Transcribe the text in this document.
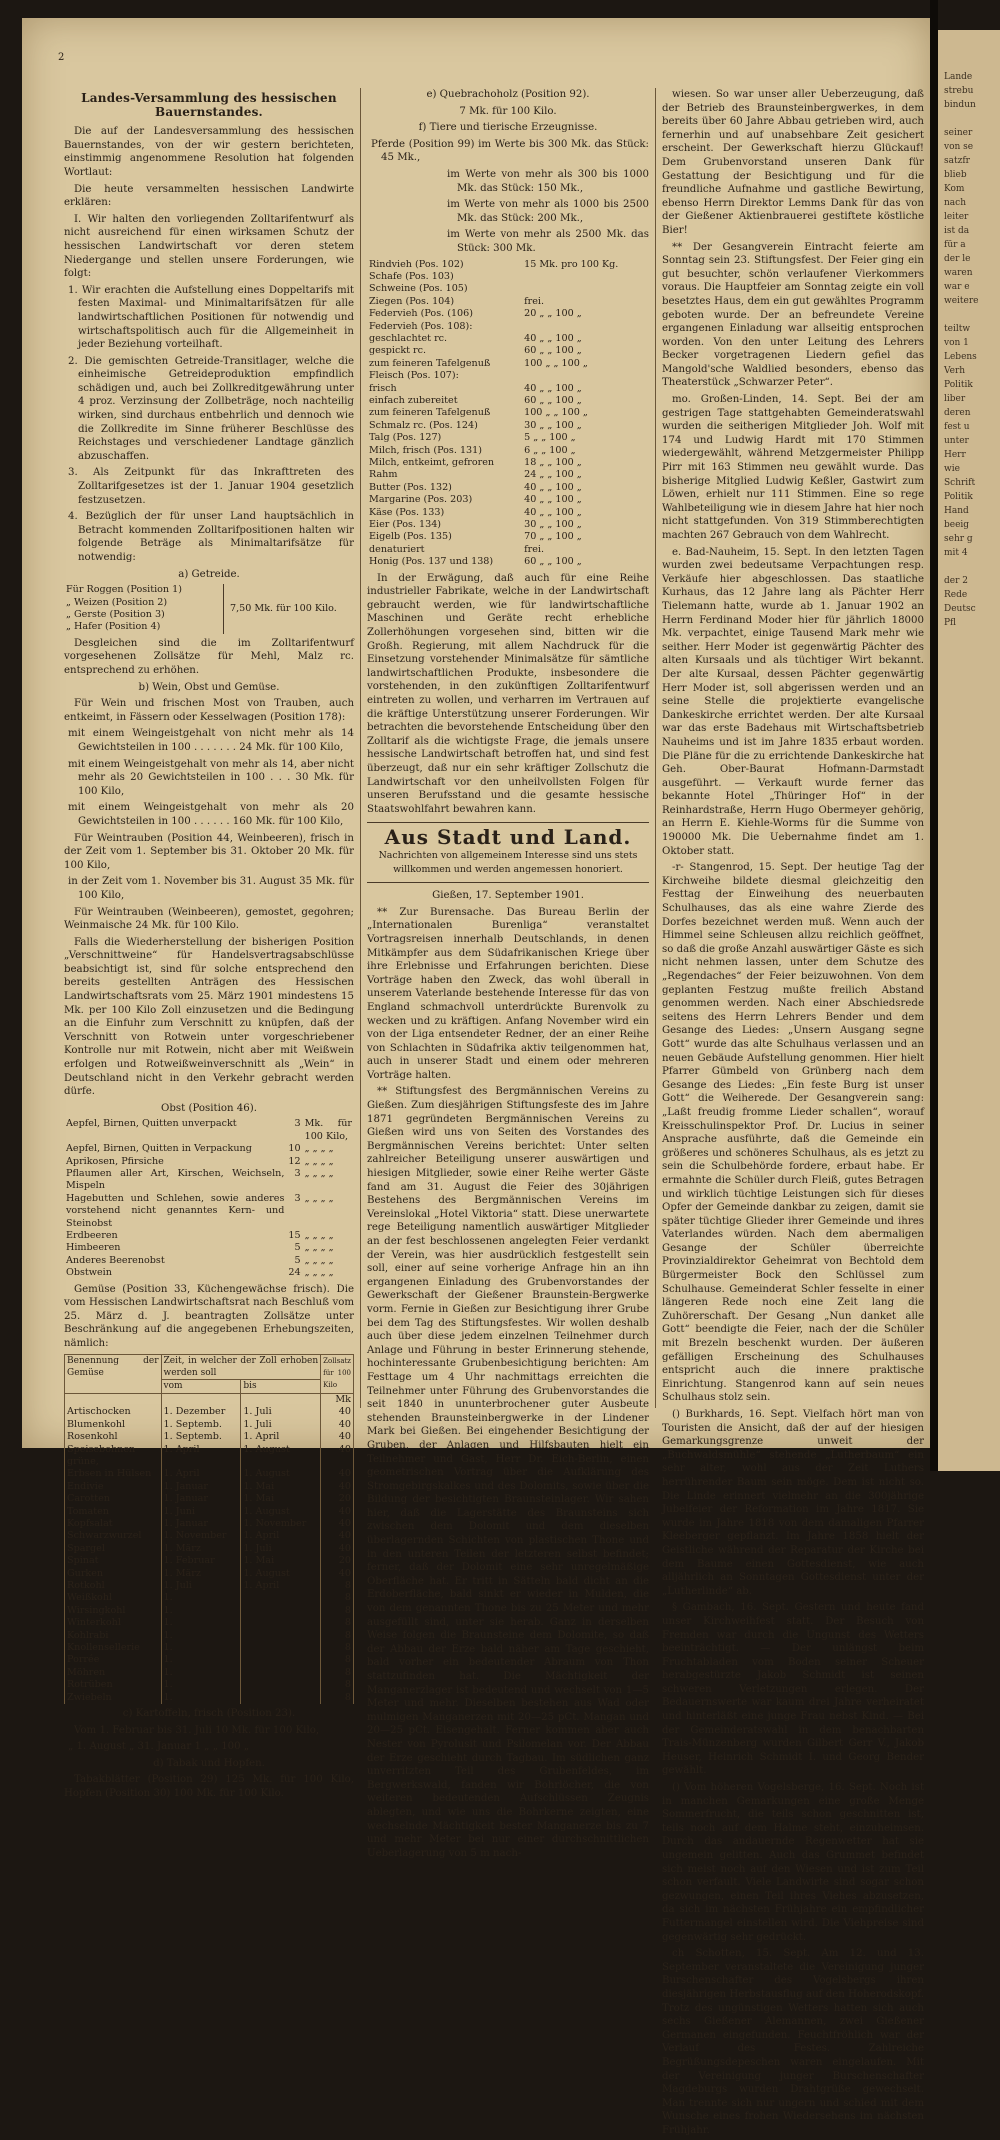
Lande
strebu
bindun

seiner
von se
satzfr
blieb
Kom
nach
leiter
ist da
für a
der le
waren
war e
weitere

teiltw
von 1
Lebens
Verh
Politik
liber
deren
fest u
unter
Herr
wie
Schrift
Politik
Hand
beeig
sehr g
mit 4

der 2
Rede
Deutsc
Pfl
2
Landes-Versammlung des hessischen Bauernstandes.

Die auf der Landesversammlung des hessischen Bauernstandes, von der wir gestern berichteten, einstimmig angenommene Resolution hat folgenden Wortlaut:

Die heute versammelten hessischen Landwirte erklären:

I. Wir halten den vorliegenden Zolltarifentwurf als nicht ausreichend für einen wirksamen Schutz der hessischen Landwirtschaft vor deren stetem Niedergange und stellen unsere Forderungen, wie folgt:

1. Wir erachten die Aufstellung eines Doppeltarifs mit festen Maximal- und Minimaltarifsätzen für alle landwirtschaftlichen Positionen für notwendig und wirtschaftspolitisch auch für die Allgemeinheit in jeder Beziehung vorteilhaft.

2. Die gemischten Getreide-Transitlager, welche die einheimische Getreideproduktion empfindlich schädigen und, auch bei Zollkreditgewährung unter 4 proz. Verzinsung der Zollbeträge, noch nachteilig wirken, sind durchaus entbehrlich und dennoch wie die Zollkredite im Sinne früherer Beschlüsse des Reichstages und verschiedener Landtage gänzlich abzuschaffen.

3. Als Zeitpunkt für das Inkrafttreten des Zolltarifgesetzes ist der 1. Januar 1904 gesetzlich festzusetzen.

4. Bezüglich der für unser Land hauptsächlich in Betracht kommenden Zolltarifpositionen halten wir folgende Beträge als Minimaltarifsätze für notwendig:

a) Getreide.

Für Roggen (Position 1)	7,50 Mk. für 100 Kilo.
„ Weizen (Position 2)
„ Gerste (Position 3)
„ Hafer (Position 4)

Desgleichen sind die im Zolltarifentwurf vorgesehenen Zollsätze für Mehl, Malz rc. entsprechend zu erhöhen.

b) Wein, Obst und Gemüse.

Für Wein und frischen Most von Trauben, auch entkeimt, in Fässern oder Kesselwagen (Position 178):

mit einem Weingeistgehalt von nicht mehr als 14 Gewichtsteilen in 100 . . . . . . . 24 Mk. für 100 Kilo,

mit einem Weingeistgehalt von mehr als 14, aber nicht mehr als 20 Gewichtsteilen in 100 . . . 30 Mk. für 100 Kilo,

mit einem Weingeistgehalt von mehr als 20 Gewichtsteilen in 100 . . . . . . 160 Mk. für 100 Kilo,

Für Weintrauben (Position 44, Weinbeeren), frisch in der Zeit vom 1. September bis 31. Oktober 20 Mk. für 100 Kilo,

in der Zeit vom 1. November bis 31. August 35 Mk. für 100 Kilo,

Für Weintrauben (Weinbeeren), gemostet, gegohren; Weinmaische 24 Mk. für 100 Kilo.

Falls die Wiederherstellung der bisherigen Position „Verschnittweine“ für Handelsvertragsabschlüsse beabsichtigt ist, sind für solche entsprechend den bereits gestellten Anträgen des Hessischen Landwirtschaftsrats vom 25. März 1901 mindestens 15 Mk. per 100 Kilo Zoll einzusetzen und die Bedingung an die Einfuhr zum Verschnitt zu knüpfen, daß der Verschnitt von Rotwein unter vorgeschriebener Kontrolle nur mit Rotwein, nicht aber mit Weißwein erfolgen und Rotweißweinverschnitt als „Wein“ in Deutschland nicht in den Verkehr gebracht werden dürfe.

Obst (Position 46).

Aepfel, Birnen, Quitten unverpackt	3	Mk. für 100 Kilo,
Aepfel, Birnen, Quitten in Verpackung	10	„ „ „ „
Aprikosen, Pfirsiche	12	„ „ „ „
Pflaumen aller Art, Kirschen, Weichseln, Mispeln	3	„ „ „ „
Hagebutten und Schlehen, sowie anderes vorstehend nicht genanntes Kern- und Steinobst	3	„ „ „ „
Erdbeeren	15	„ „ „ „
Himbeeren	5	„ „ „ „
Anderes Beerenobst	5	„ „ „ „
Obstwein	24	„ „ „ „

Gemüse (Position 33, Küchengewächse frisch). Die vom Hessischen Landwirtschaftsrat nach Beschluß vom 25. März d. J. beantragten Zollsätze unter Beschränkung auf die angegebenen Erhebungszeiten, nämlich:

Benennung der Gemüse	Zeit, in welcher der Zoll erhoben werden soll		Zollsatz für 100 Kilo
	vom	bis	
			Mk
Artischocken	1. Dezember	1. Juli	40
Blumenkohl	1. Septemb.	1. Juli	40
Rosenkohl	1. Septemb.	1. April	40
Speisebohnen grüne,	1. April	1. August	40
Erbsen in Hülsen	1. April	1. August	40
Endivie	1. Januar	1. Mai	40
Carotten	1. Januar	1. Mai	20
Tomaten	1. Juni	1. August	40
Kopfsalat	1. Januar	1. November	40
Schwarzwurzel	1. November	1. April	40
Spargel	1. März	1. Juli	40
Spinat	1. Februar	1. Mai	20
Gurken	1. März	1. August	40
Rotkohl	1. Juli	1. April	8
Weißkohl	1.		8
Wirsingkohl	1.		8
Winterkohl	1.		8
Kohlrabi	1.		8
Knollensellerie	1.		8
Porrée	1.		8
Möhren	1.		8
Rotrüben	1.		8
Zwiebeln	1.		8

c) Kartoffeln, frisch (Position 23).

Vom 1. Februar bis 31. Juli 10 Mk. für 100 Kilo,

„ 1. August „ 31. Januar 1 „ „ 100 „

d) Tabak und Hopfen.

Tabakblätter (Position 29) 125 Mk. für 100 Kilo, Hopfen (Position 30) 100 Mk. für 100 Kilo.

e) Quebrachoholz (Position 92).

7 Mk. für 100 Kilo.

f) Tiere und tierische Erzeugnisse.

Pferde (Position 99) im Werte bis 300 Mk. das Stück: 45 Mk.,

im Werte von mehr als 300 bis 1000 Mk. das Stück: 150 Mk.,

im Werte von mehr als 1000 bis 2500 Mk. das Stück: 200 Mk.,

im Werte von mehr als 2500 Mk. das Stück: 300 Mk.

Rindvieh (Pos. 102)	15 Mk. pro 100 Kg.
Schafe (Pos. 103)	
Schweine (Pos. 105)	
Ziegen (Pos. 104)	frei.
Federvieh (Pos. (106)	20 „ „ 100 „
Federvieh (Pos. 108):	
geschlachtet rc.	40 „ „ 100 „
gespickt rc.	60 „ „ 100 „
zum feineren Tafelgenuß	100 „ „ 100 „
Fleisch (Pos. 107):	
frisch	40 „ „ 100 „
einfach zubereitet	60 „ „ 100 „
zum feineren Tafelgenuß	100 „ „ 100 „
Schmalz rc. (Pos. 124)	30 „ „ 100 „
Talg (Pos. 127)	5 „ „ 100 „
Milch, frisch (Pos. 131)	6 „ „ 100 „
Milch, entkeimt, gefroren	18 „ „ 100 „
Rahm	24 „ „ 100 „
Butter (Pos. 132)	40 „ „ 100 „
Margarine (Pos. 203)	40 „ „ 100 „
Käse (Pos. 133)	40 „ „ 100 „
Eier (Pos. 134)	30 „ „ 100 „
Eigelb (Pos. 135)	70 „ „ 100 „
denaturiert	frei.
Honig (Pos. 137 und 138)	60 „ „ 100 „

In der Erwägung, daß auch für eine Reihe industrieller Fabrikate, welche in der Landwirtschaft gebraucht werden, wie für landwirtschaftliche Maschinen und Geräte recht erhebliche Zollerhöhungen vorgesehen sind, bitten wir die Großh. Regierung, mit allem Nachdruck für die Einsetzung vorstehender Minimalsätze für sämtliche landwirtschaftlichen Produkte, insbesondere die vorstehenden, in den zukünftigen Zolltarifentwurf eintreten zu wollen, und verharren im Vertrauen auf die kräftige Unterstützung unserer Forderungen. Wir betrachten die bevorstehende Entscheidung über den Zolltarif als die wichtigste Frage, die jemals unsere hessische Landwirtschaft betroffen hat, und sind fest überzeugt, daß nur ein sehr kräftiger Zollschutz die Landwirtschaft vor den unheilvollsten Folgen für unseren Berufsstand und die gesamte hessische Staatswohlfahrt bewahren kann.

Aus Stadt und Land.

Nachrichten von allgemeinem Interesse sind uns stets willkommen und werden angemessen honoriert.

Gießen, 17. September 1901.

** Zur Burensache. Das Bureau Berlin der „Internationalen Burenliga“ veranstaltet Vortragsreisen innerhalb Deutschlands, in denen Mitkämpfer aus dem Südafrikanischen Kriege über ihre Erlebnisse und Erfahrungen berichten. Diese Vorträge haben den Zweck, das wohl überall in unserem Vaterlande bestehende Interesse für das von England schmachvoll unterdrückte Burenvolk zu wecken und zu kräftigen. Anfang November wird ein von der Liga entsendeter Redner, der an einer Reihe von Schlachten in Südafrika aktiv teilgenommen hat, auch in unserer Stadt und einem oder mehreren Vorträge halten.

** Stiftungsfest des Bergmännischen Vereins zu Gießen. Zum diesjährigen Stiftungsfeste des im Jahre 1871 gegründeten Bergmännischen Vereins zu Gießen wird uns von Seiten des Vorstandes des Bergmännischen Vereins berichtet: Unter selten zahlreicher Beteiligung unserer auswärtigen und hiesigen Mitglieder, sowie einer Reihe werter Gäste fand am 31. August die Feier des 30jährigen Bestehens des Bergmännischen Vereins im Vereinslokal „Hotel Viktoria“ statt. Diese unerwartete rege Beteiligung namentlich auswärtiger Mitglieder an der fest beschlossenen angelegten Feier verdankt der Verein, was hier ausdrücklich festgestellt sein soll, einer auf seine vorherige Anfrage hin an ihn ergangenen Einladung des Grubenvorstandes der Gewerkschaft der Gießener Braunstein-Bergwerke vorm. Fernie in Gießen zur Besichtigung ihrer Grube bei dem Tag des Stiftungsfestes. Wir wollen deshalb auch über diese jedem einzelnen Teilnehmer durch Anlage und Führung in bester Erinnerung stehende, hochinteressante Grubenbesichtigung berichten: Am Festtage um 4 Uhr nachmittags erreichten die Teilnehmer unter Führung des Grubenvorstandes die seit 1840 in ununterbrochener guter Ausbeute stehenden Braunsteinbergwerke in der Lindener Mark bei Gießen. Bei eingehender Besichtigung der Gruben, der Anlagen und Hilfsbauten hielt ein Teilnehmer und Gast, Herr Dr. Eich-Berlin, einen geometrischen Vortrag über die Aufklärung des Stromgebirgskalkes und des Dolomits, sowie über die Bildung der besichtigten Braunsteinlager. Wir sahen hier, daß die Lagerstätte des Braunsteins sich zwischen dem Dolomit und dem dieselben überlagernden Schichten von plastischen Thone und in den unteren Teilen der letzteren selbst befindet; ferner, daß der Dolomit eine sehr unregelmäßige Oberfläche hat. Er tritt in Sätteln bald dicht an die Erdoberfläche, bald sinkt er wieder in Mulden, die von dem genannten Thone bis zu 25 Meter und mehr ausgefüllt sind, unter sie herab. Ganz in derselben Weise folgen die Braunsteine dem Dolomite, so daß der Abbau der Erze bald näher am Tage geschieht, bald vorher ein bedeutender Abraum von Thon stattzufinden hat. Die Mächtigkeit der Manganerzlager ist bedeutend und wechselt von 1—5 Meter und mehr. Dieselben bestehen aus Wad oder mulmigen Manganerzen mit 20—25 pCt. Mangan und 20—25 pCt. Eisengehalt. Ferner kommen aber auch Nester von Pyrolusit und Psilomelan vor. Der Abbau der Erze geschieht durch Tagbau. Im südlichen ganz unverritzten Teil des Grubenfeldes, im Bergwerkswald, fanden wir Bohrlöcher, die von weiteren bedeutenden Aufschlüssen Zeugnis ablegten, und wie uns die Bohrkerne zeigten, eine wechselnde Mächtigkeit bester Manganerze bis zu 7 und mehr Meter bei nur einer durchschnittlichen Ueberlagerung von 5 m nach-

wiesen. So war unser aller Ueberzeugung, daß der Betrieb des Braunsteinbergwerkes, in dem bereits über 60 Jahre Abbau getrieben wird, auch fernerhin und auf unabsehbare Zeit gesichert erscheint. Der Gewerkschaft hierzu Glückauf! Dem Grubenvorstand unseren Dank für Gestattung der Besichtigung und für die freundliche Aufnahme und gastliche Bewirtung, ebenso Herrn Direktor Lemms Dank für das von der Gießener Aktienbrauerei gestiftete köstliche Bier!

** Der Gesangverein Eintracht feierte am Sonntag sein 23. Stiftungsfest. Der Feier ging ein gut besuchter, schön verlaufener Vierkommers voraus. Die Hauptfeier am Sonntag zeigte ein voll besetztes Haus, dem ein gut gewähltes Programm geboten wurde. Der an befreundete Vereine ergangenen Einladung war allseitig entsprochen worden. Von den unter Leitung des Lehrers Becker vorgetragenen Liedern gefiel das Mangold'sche Waldlied besonders, ebenso das Theaterstück „Schwarzer Peter“.

mo. Großen-Linden, 14. Sept. Bei der am gestrigen Tage stattgehabten Gemeinderatswahl wurden die seitherigen Mitglieder Joh. Wolf mit 174 und Ludwig Hardt mit 170 Stimmen wiedergewählt, während Metzgermeister Philipp Pirr mit 163 Stimmen neu gewählt wurde. Das bisherige Mitglied Ludwig Keßler, Gastwirt zum Löwen, erhielt nur 111 Stimmen. Eine so rege Wahlbeteiligung wie in diesem Jahre hat hier noch nicht stattgefunden. Von 319 Stimmberechtigten machten 267 Gebrauch von dem Wahlrecht.

e. Bad-Nauheim, 15. Sept. In den letzten Tagen wurden zwei bedeutsame Verpachtungen resp. Verkäufe hier abgeschlossen. Das staatliche Kurhaus, das 12 Jahre lang als Pächter Herr Tielemann hatte, wurde ab 1. Januar 1902 an Herrn Ferdinand Moder hier für jährlich 18000 Mk. verpachtet, einige Tausend Mark mehr wie seither. Herr Moder ist gegenwärtig Pächter des alten Kursaals und als tüchtiger Wirt bekannt. Der alte Kursaal, dessen Pächter gegenwärtig Herr Moder ist, soll abgerissen werden und an seine Stelle die projektierte evangelische Dankeskirche errichtet werden. Der alte Kursaal war das erste Badehaus mit Wirtschaftsbetrieb Nauheims und ist im Jahre 1835 erbaut worden. Die Pläne für die zu errichtende Dankeskirche hat Geh. Ober-Baurat Hofmann-Darmstadt ausgeführt. — Verkauft wurde ferner das bekannte Hotel „Thüringer Hof“ in der Reinhardstraße, Herrn Hugo Obermeyer gehörig, an Herrn E. Kiehle-Worms für die Summe von 190000 Mk. Die Uebernahme findet am 1. Oktober statt.

-r- Stangenrod, 15. Sept. Der heutige Tag der Kirchweihe bildete diesmal gleichzeitig den Festtag der Einweihung des neuerbauten Schulhauses, das als eine wahre Zierde des Dorfes bezeichnet werden muß. Wenn auch der Himmel seine Schleusen allzu reichlich geöffnet, so daß die große Anzahl auswärtiger Gäste es sich nicht nehmen lassen, unter dem Schutze des „Regendaches“ der Feier beizuwohnen. Von dem geplanten Festzug mußte freilich Abstand genommen werden. Nach einer Abschiedsrede seitens des Herrn Lehrers Bender und dem Gesange des Liedes: „Unsern Ausgang segne Gott“ wurde das alte Schulhaus verlassen und an neuen Gebäude Aufstellung genommen. Hier hielt Pfarrer Gümbeld von Grünberg nach dem Gesange des Liedes: „Ein feste Burg ist unser Gott“ die Weiherede. Der Gesangverein sang: „Laßt freudig fromme Lieder schallen“, worauf Kreisschulinspektor Prof. Dr. Lucius in seiner Ansprache ausführte, daß die Gemeinde ein größeres und schöneres Schulhaus, als es jetzt zu sein die Schulbehörde fordere, erbaut habe. Er ermahnte die Schüler durch Fleiß, gutes Betragen und wirklich tüchtige Leistungen sich für dieses Opfer der Gemeinde dankbar zu zeigen, damit sie später tüchtige Glieder ihrer Gemeinde und ihres Vaterlandes würden. Nach dem abermaligen Gesange der Schüler überreichte Provinzialdirektor Geheimrat von Bechtold dem Bürgermeister Bock den Schlüssel zum Schulhause. Gemeinderat Schler fesselte in einer längeren Rede noch eine Zeit lang die Zuhörerschaft. Der Gesang „Nun danket alle Gott“ beendigte die Feier, nach der die Schüler mit Brezeln beschenkt wurden. Der äußeren gefälligen Erscheinung des Schulhauses entspricht auch die innere praktische Einrichtung. Stangenrod kann auf sein neues Schulhaus stolz sein.

() Burkhards, 16. Sept. Vielfach hört man von Touristen die Ansicht, daß der auf der hiesigen Gemarkungsgrenze unweit der „Buchwaldsmühle“ stehende „Lutherbaum“ ein sehr alter, wohl aus der Zeit Luthers herrührender Baum sein möge. Dem ist nicht so. Die Linde erinnert vielmehr an die 300jährige Jubelfeier der Reformation im Jahre 1817. Sie wurde im Jahre 1818 von dem damaligen Pfarrer Kleeberger gepflanzt. Im Jahre 1858 hielt der Geistliche während der Reparatur der Kirche bei dem Baume einen Gottesdienst, wie auch alljährlich an Sonntagen Gottesdienst unter der „Lutherlinde“ ab.

§ Gambach, 16. Sept. Gestern und heute fand unser Kirchweihfest statt. Der Besuch von Fremden war durch die Ungunst des Wetters beeinträchtigt. — Der unlängst beim Fruchtabladen vom Boden seiner Scheuer herabgestürzte Jakob Schmidt ist seinen schweren Verletzungen erlegen. Der Bedauernswerte war kaum drei Jahre verheiratet und hinterläßt eine junge Frau nebst Kind. — Bei der Gemeinderatswahl in dem benachbarten Trais-Münzenberg wurden Gilbert Gerr V., Jakob Heuser, Heinrich Schmidt I. und Georg Bender gewählt.

() Vom höheren Vogelsberge, 16. Sept. Noch ist in manchen Gemarkungen eine große Menge Sommerfrucht, die teils schon geschnitten ist, teils noch auf dem Halme steht, einzuheimsen. Durch das andauernde Regenwetter hat sie ungemein gelitten. Auch das Grummet befindet sich meist noch auf den Wiesen und ist zum Teil schon verfault. Viele Landwirte sind sogar schon gezwungen, einen Teil ihres Viehes abzusetzen, da sich im nächsten Frühjahre ein empfindlicher Futtermangel einstellen wird. Die Viehpreise sind gegenwärtig sehr gedrückt.

ch Schotten, 15. Sept. Am 12. und 13. September veranstaltete die Vereinigung junger Burschenschafter des Vogelsbergs ihren diesjährigen Herbstausflug auf den Hoherodskopf. Trotz des ungünstigen Wetters hatten sich auch sechs Gießener Alemannen, zwei Gießener Germanen eingefunden. Feuchtfröhlich war der Verlauf des Festes. Zahlreiche Begrüßungsdepeschen waren eingelaufen. Mit der Vereinigung junger Burschenschafter Magdeburgs wurden Drahtgrüße gewechselt. Man trennte sich nur ungern und schied mit dem Wunsche eines frohen Wiedersehens im nächsten Frühjahr.
